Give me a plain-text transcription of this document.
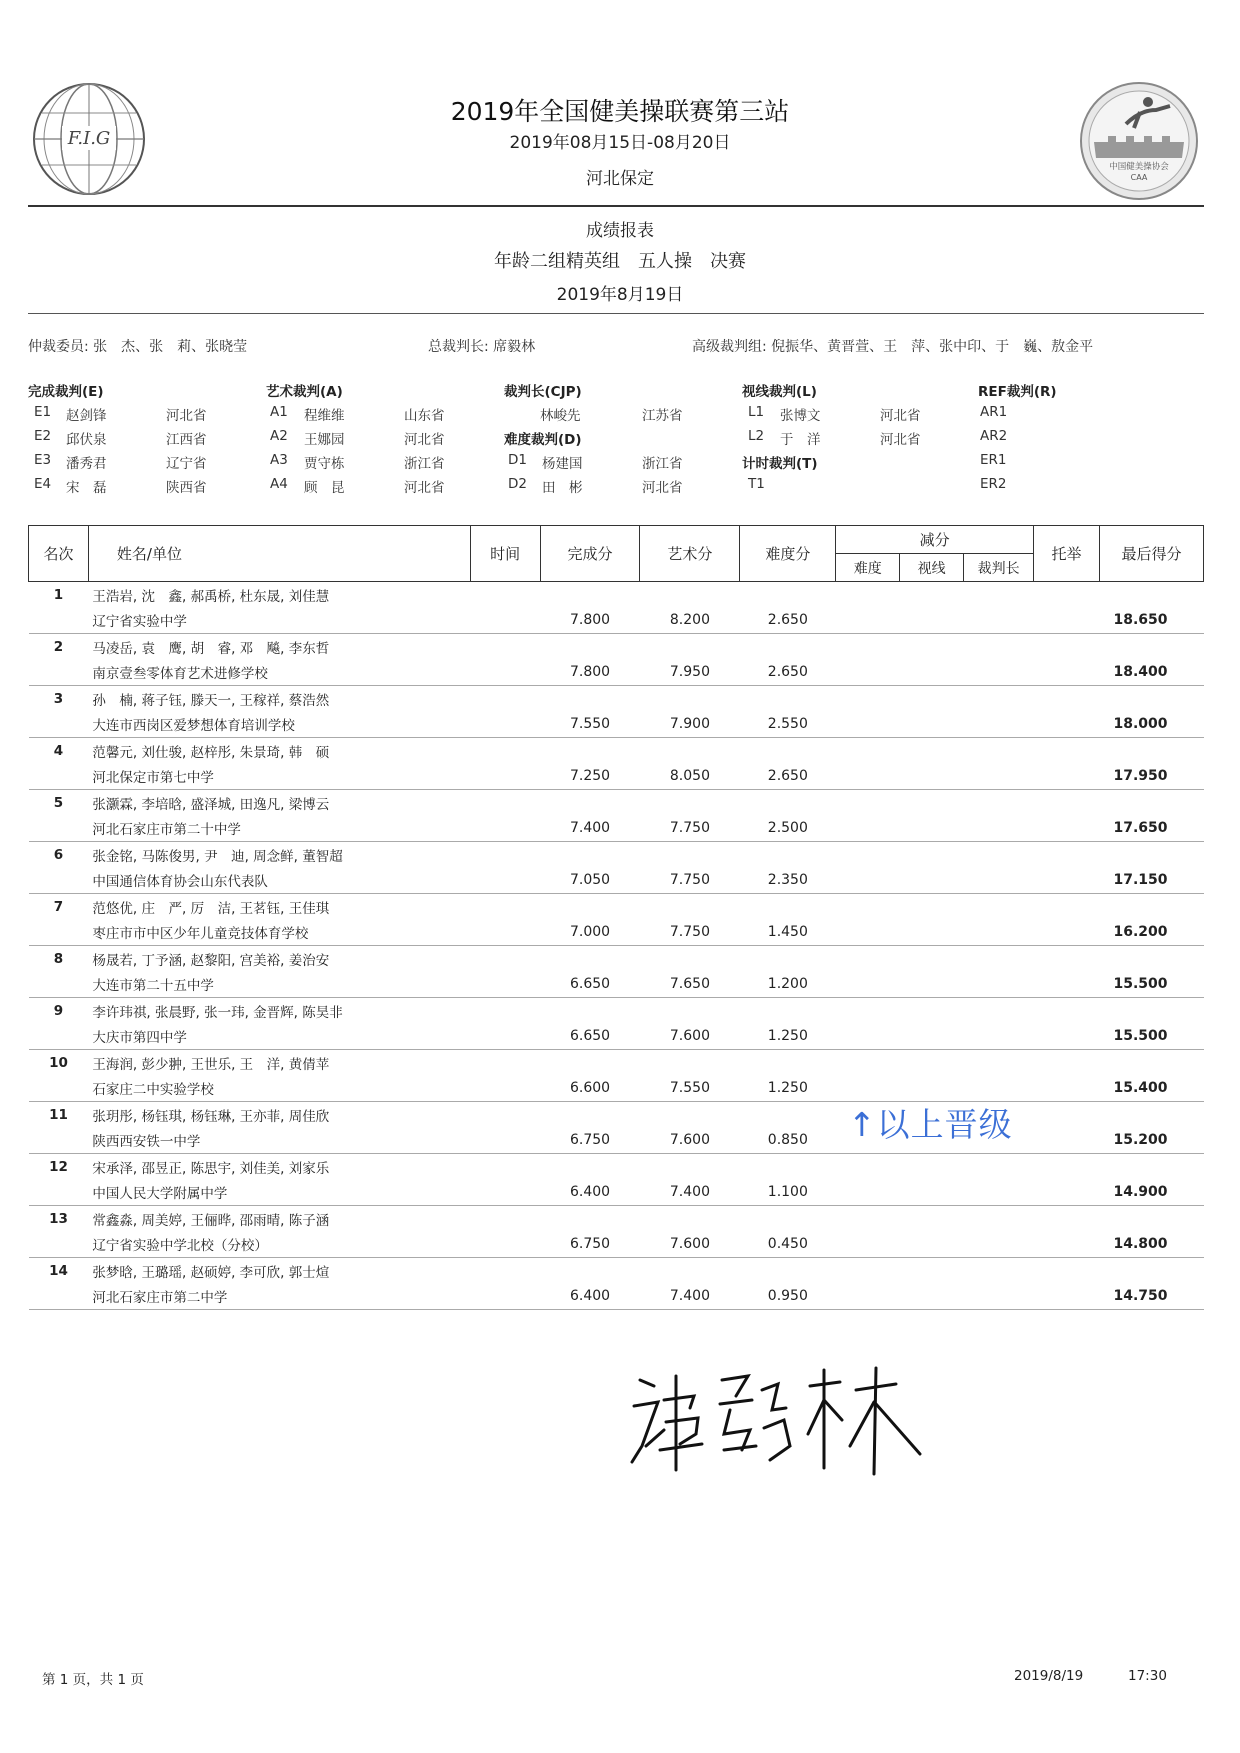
F.I.G
中国健美操协会
CAA
2019年全国健美操联赛第三站
2019年08月15日-08月20日
河北保定
成绩报表
年龄二组精英组　五人操　决赛
2019年8月19日
仲裁委员: 张　杰、张　莉、张晓莹	总裁判长: 席毅林	高级裁判组: 倪振华、黄晋萱、王　萍、张中印、于　巍、敖金平
完成裁判(E)
E1 赵剑锋	河北省
E2 邱伏泉	江西省
E3 潘秀君	辽宁省
E4 宋　磊	陕西省
艺术裁判(A)
A1 程维维	山东省
A2 王娜园	河北省
A3 贾守栋	浙江省
A4 顾　昆	河北省
裁判长(CJP)
林峻先	江苏省
难度裁判(D)
D1 杨建国	浙江省
D2 田　彬	河北省
视线裁判(L)
L1 张博文	河北省
L2 于　洋	河北省
计时裁判(T)
T1
REF裁判(R)
AR1
AR2
ER1
ER2
名次	姓名/单位	时间	完成分	艺术分	难度分	减分			托举	最后得分
						难度	视线	裁判长		
1	王浩岩, 沈　鑫, 郝禹桥, 杜东晟, 刘佳慧									
	辽宁省实验中学		7.800	8.200	2.650					18.650
2	马凌岳, 袁　鹰, 胡　睿, 邓　飚, 李东哲									
	南京壹叁零体育艺术进修学校		7.800	7.950	2.650					18.400
3	孙　楠, 蒋子钰, 滕天一, 王稼祥, 蔡浩然									
	大连市西岗区爱梦想体育培训学校		7.550	7.900	2.550					18.000
4	范馨元, 刘仕骏, 赵梓彤, 朱景琦, 韩　硕									
	河北保定市第七中学		7.250	8.050	2.650					17.950
5	张灏霖, 李培晗, 盛泽城, 田逸凡, 梁博云									
	河北石家庄市第二十中学		7.400	7.750	2.500					17.650
6	张金铭, 马陈俊男, 尹　迪, 周念鲜, 董智超									
	中国通信体育协会山东代表队		7.050	7.750	2.350					17.150
7	范悠优, 庄　严, 厉　洁, 王茗钰, 王佳琪									
	枣庄市市中区少年儿童竞技体育学校		7.000	7.750	1.450					16.200
8	杨晟若, 丁予涵, 赵黎阳, 宫美裕, 姜治安									
	大连市第二十五中学		6.650	7.650	1.200					15.500
9	李许玮祺, 张晨野, 张一玮, 金晋辉, 陈昊非									
	大庆市第四中学		6.650	7.600	1.250					15.500
10	王海润, 彭少翀, 王世乐, 王　洋, 黄倩苹									
	石家庄二中实验学校		6.600	7.550	1.250					15.400
11	张玥彤, 杨钰琪, 杨钰琳, 王亦菲, 周佳欣									
	陕西西安铁一中学		6.750	7.600	0.850					15.200
12	宋承泽, 邵昱正, 陈思宇, 刘佳美, 刘家乐									
	中国人民大学附属中学		6.400	7.400	1.100					14.900
13	常鑫淼, 周美婷, 王俪晔, 邵雨晴, 陈子涵									
	辽宁省实验中学北校（分校）		6.750	7.600	0.450					14.800
14	张梦晗, 王璐瑶, 赵硕婷, 李可欣, 郭士煊									
	河北石家庄市第二中学		6.400	7.400	0.950					14.750
↑以上晋级
第 1 页，共 1 页	2019/8/19	17:30
